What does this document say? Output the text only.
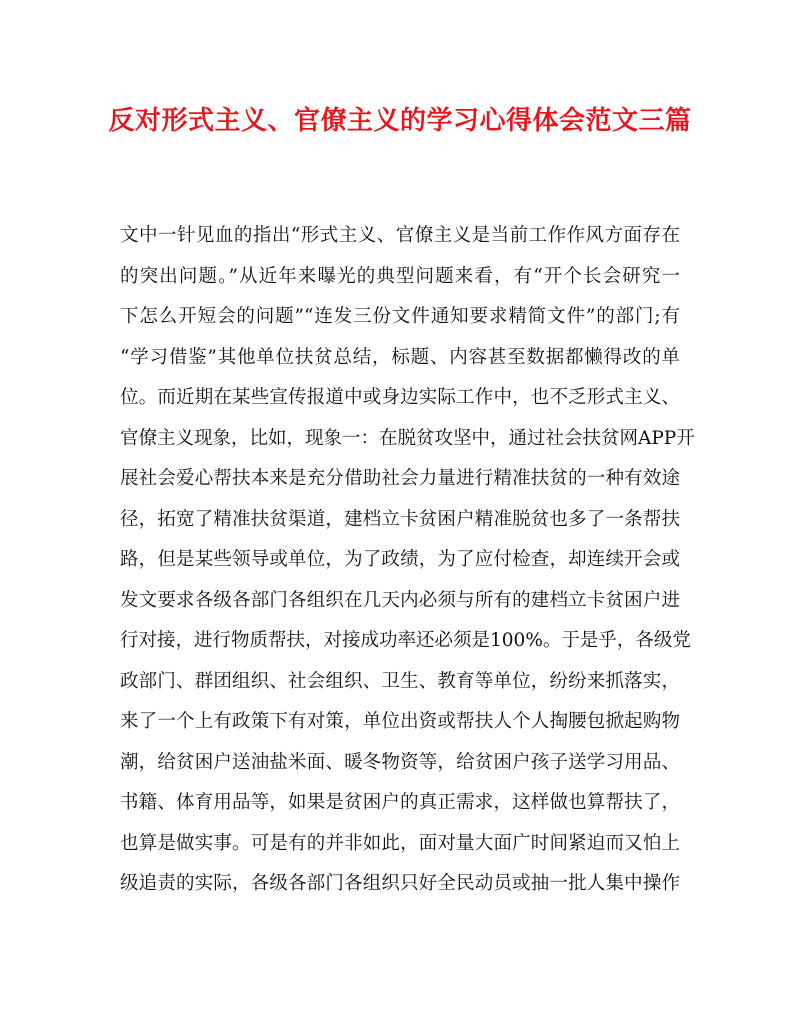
反对形式主义、官僚主义的学习心得体会范文三篇
文中一针见血的指出“形式主义、官僚主义是当前工作作风方面存在
的突出问题。”从近年来曝光的典型问题来看，有“开个长会研究一
下怎么开短会的问题”“连发三份文件通知要求精简文件”的部门;有
“学习借鉴”其他单位扶贫总结，标题、内容甚至数据都懒得改的单
位。而近期在某些宣传报道中或身边实际工作中，也不乏形式主义、
官僚主义现象，比如，现象一：在脱贫攻坚中，通过社会扶贫网APP开
展社会爱心帮扶本来是充分借助社会力量进行精准扶贫的一种有效途
径，拓宽了精准扶贫渠道，建档立卡贫困户精准脱贫也多了一条帮扶
路，但是某些领导或单位，为了政绩，为了应付检查，却连续开会或
发文要求各级各部门各组织在几天内必须与所有的建档立卡贫困户进
行对接，进行物质帮扶，对接成功率还必须是100%。于是乎，各级党
政部门、群团组织、社会组织、卫生、教育等单位，纷纷来抓落实，
来了一个上有政策下有对策，单位出资或帮扶人个人掏腰包掀起购物
潮，给贫困户送油盐米面、暖冬物资等，给贫困户孩子送学习用品、
书籍、体育用品等，如果是贫困户的真正需求，这样做也算帮扶了，
也算是做实事。可是有的并非如此，面对量大面广时间紧迫而又怕上
级追责的实际，各级各部门各组织只好全民动员或抽一批人集中操作
